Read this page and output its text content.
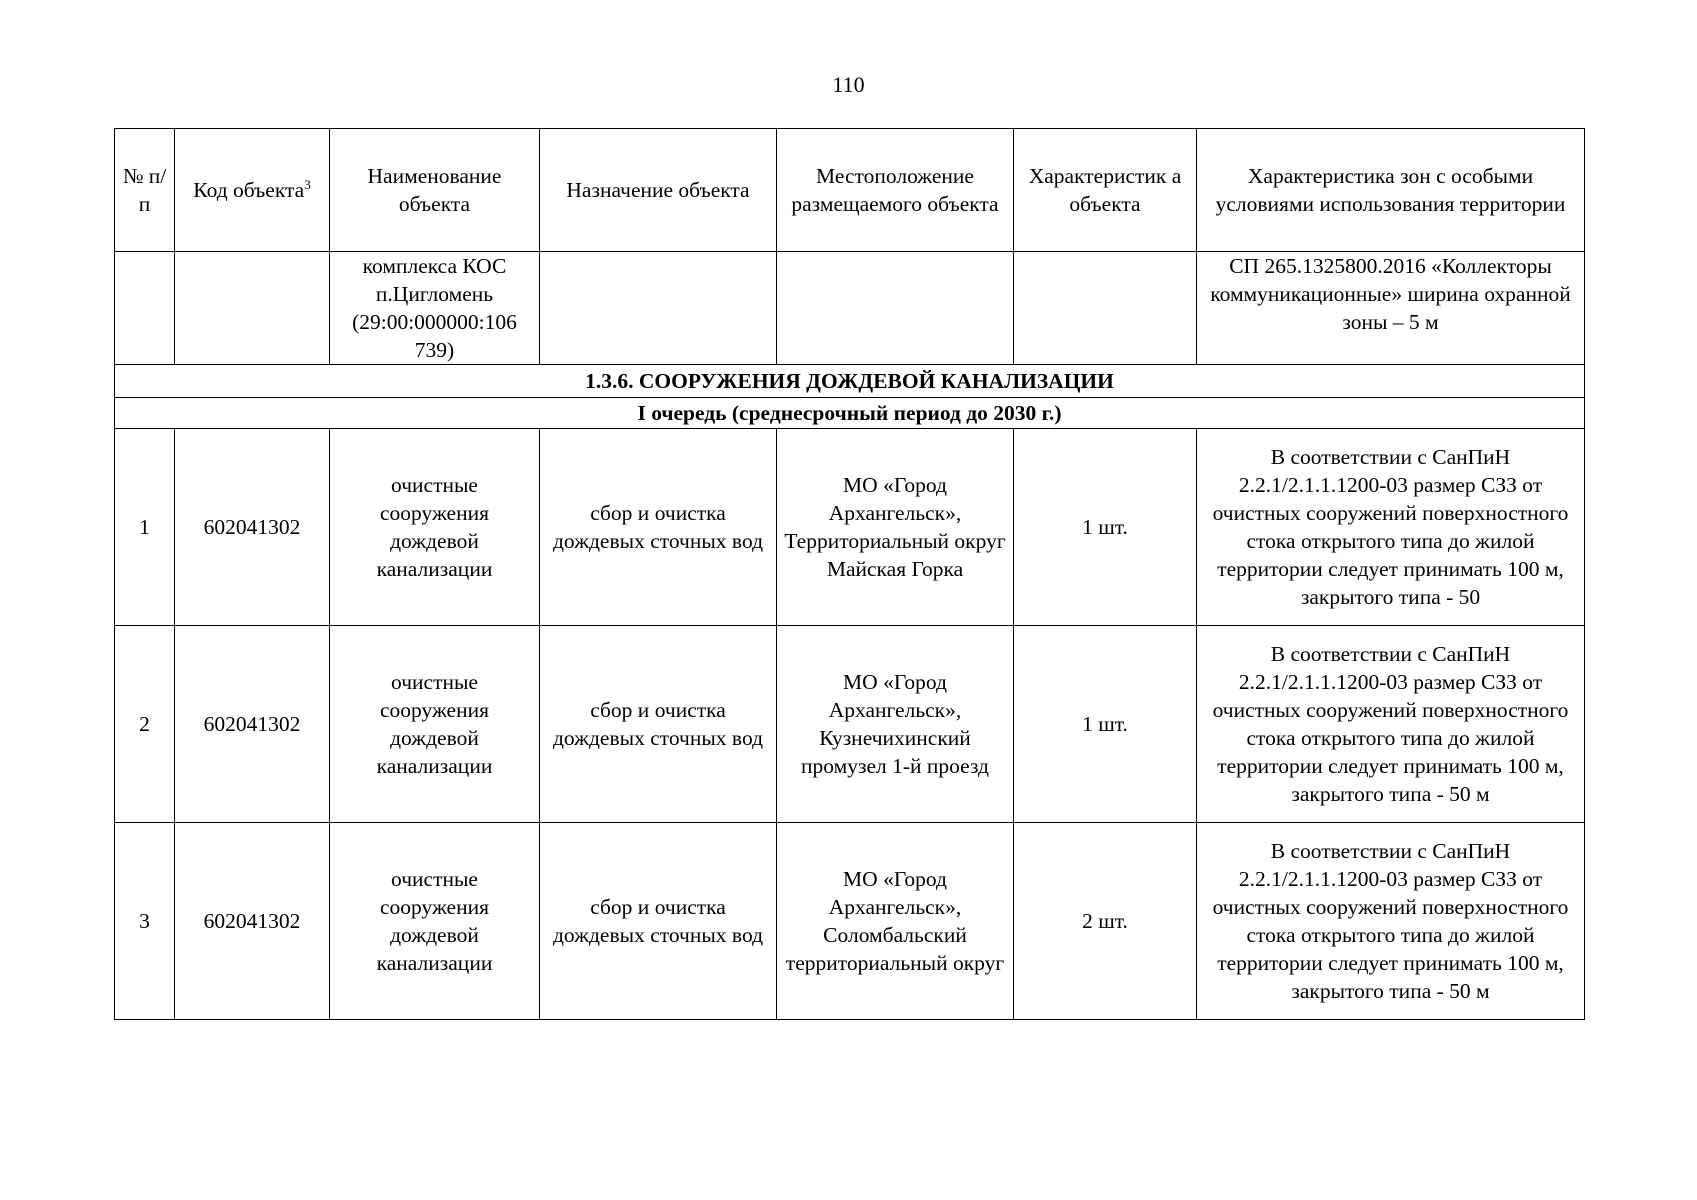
110
№ п/п	Код объекта$^3$	Наименование объекта	Назначение объекта	Местоположение размещаемого объекта	Характеристик а объекта	Характеристика зон с особыми условиями использования территории
		комплекса КОС п.Цигломень (29:00:000000:106 739)				СП 265.1325800.2016 «Коллекторы коммуникационные» ширина охранной зоны – 5 м
1.3.6. СООРУЖЕНИЯ ДОЖДЕВОЙ КАНАЛИЗАЦИИ						
I очередь (среднесрочный период до 2030 г.)						
1	602041302	очистные сооружения дождевой канализации	сбор и очистка дождевых сточных вод	МО «Город Архангельск», Территориальный округ Майская Горка	1 шт.	В соответствии с СанПиН 2.2.1/2.1.1.1200-03 размер СЗЗ от очистных сооружений поверхностного стока открытого типа до жилой территории следует принимать 100 м, закрытого типа - 50
2	602041302	очистные сооружения дождевой канализации	сбор и очистка дождевых сточных вод	МО «Город Архангельск», Кузнечихинский промузел 1-й проезд	1 шт.	В соответствии с СанПиН 2.2.1/2.1.1.1200-03 размер СЗЗ от очистных сооружений поверхностного стока открытого типа до жилой территории следует принимать 100 м, закрытого типа - 50 м
3	602041302	очистные сооружения дождевой канализации	сбор и очистка дождевых сточных вод	МО «Город Архангельск», Соломбальский территориальный округ	2 шт.	В соответствии с СанПиН 2.2.1/2.1.1.1200-03 размер СЗЗ от очистных сооружений поверхностного стока открытого типа до жилой территории следует принимать 100 м, закрытого типа - 50 м
